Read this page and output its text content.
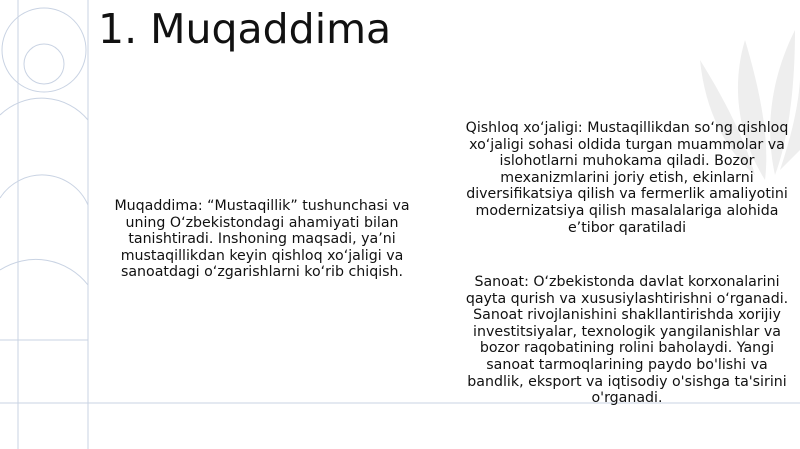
1. Muqaddima

Muqaddima: “Mustaqillik” tushunchasi va uning O‘zbekistondagi ahamiyati bilan tanishtiradi. Inshoning maqsadi, ya’ni mustaqillikdan keyin qishloq xo‘jaligi va sanoatdagi o‘zgarishlarni ko‘rib chiqish.

Qishloq xo‘jaligi: Mustaqillikdan so‘ng qishloq xo‘jaligi sohasi oldida turgan muammolar va islohotlarni muhokama qiladi. Bozor mexanizmlarini joriy etish, ekinlarni diversifikatsiya qilish va fermerlik amaliyotini modernizatsiya qilish masalalariga alohida e’tibor qaratiladi

Sanoat: O‘zbekistonda davlat korxonalarini qayta qurish va xususiylashtirishni o‘rganadi. Sanoat rivojlanishini shakllantirishda xorijiy investitsiyalar, texnologik yangilanishlar va bozor raqobatining rolini baholaydi. Yangi sanoat tarmoqlarining paydo bo'lishi va bandlik, eksport va iqtisodiy o'sishga ta'sirini o'rganadi.
